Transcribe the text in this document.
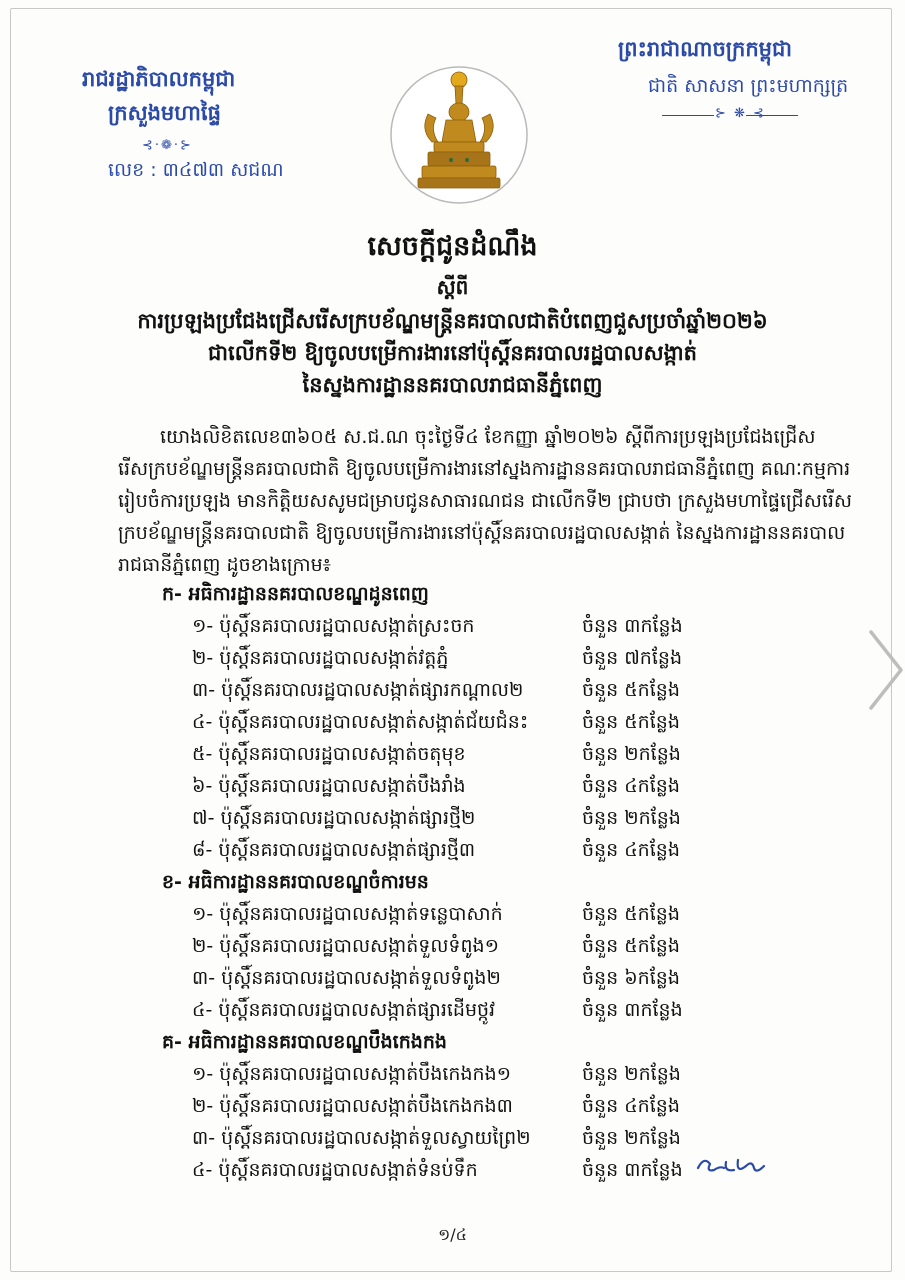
រាជរដ្ឋាភិបាលកម្ពុជា
ក្រសួងមហាផ្ទៃ
⊰·❁·⊱
លេខ : ៣៤៧៣ សជណ
ព្រះរាជាណាចក្រកម្ពុជា
ជាតិ សាសនា ព្រះមហាក្សត្រ
⊱ ❋ ⊰
សេចក្តីជូនដំណឹង
ស្តីពី
ការប្រឡងប្រជែងជ្រើសរើសក្របខ័ណ្ឌមន្ត្រីនគរបាលជាតិបំពេញជួសប្រចាំឆ្នាំ២០២៦
ជាលើកទី២ ឱ្យចូលបម្រើការងារនៅប៉ុស្តិ៍នគរបាលរដ្ឋបាលសង្កាត់
នៃស្នងការដ្ឋាននគរបាលរាជធានីភ្នំពេញ
យោងលិខិតលេខ៣៦០៥ ស.ជ.ណ ចុះថ្ងៃទី៤ ខែកញ្ញា ឆ្នាំ២០២៦ ស្តីពីការប្រឡងប្រជែងជ្រើស
រើសក្របខ័ណ្ឌមន្ត្រីនគរបាលជាតិ ឱ្យចូលបម្រើការងារនៅស្នងការដ្ឋាននគរបាលរាជធានីភ្នំពេញ គណៈកម្មការ
រៀបចំការប្រឡង មានកិត្តិយសសូមជម្រាបជូនសាធារណជន ជាលើកទី២ ជ្រាបថា ក្រសួងមហាផ្ទៃជ្រើសរើស
ក្របខ័ណ្ឌមន្ត្រីនគរបាលជាតិ ឱ្យចូលបម្រើការងារនៅប៉ុស្តិ៍នគរបាលរដ្ឋបាលសង្កាត់ នៃស្នងការដ្ឋាននគរបាល
រាជធានីភ្នំពេញ ដូចខាងក្រោម៖
ក- អធិការដ្ឋាននគរបាលខណ្ឌដូនពេញ
១- ប៉ុស្តិ៍នគរបាលរដ្ឋបាលសង្កាត់ស្រះចក	ចំនួន ៣កន្លែង
២- ប៉ុស្តិ៍នគរបាលរដ្ឋបាលសង្កាត់វត្តភ្នំ	ចំនួន ៧កន្លែង
៣- ប៉ុស្តិ៍នគរបាលរដ្ឋបាលសង្កាត់ផ្សារកណ្តាល២	ចំនួន ៥កន្លែង
៤- ប៉ុស្តិ៍នគរបាលរដ្ឋបាលសង្កាត់សង្កាត់ជ័យជំនះ	ចំនួន ៥កន្លែង
៥- ប៉ុស្តិ៍នគរបាលរដ្ឋបាលសង្កាត់ចតុមុខ	ចំនួន ២កន្លែង
៦- ប៉ុស្តិ៍នគរបាលរដ្ឋបាលសង្កាត់បឹងរាំង	ចំនួន ៤កន្លែង
៧- ប៉ុស្តិ៍នគរបាលរដ្ឋបាលសង្កាត់ផ្សារថ្មី២	ចំនួន ២កន្លែង
៨- ប៉ុស្តិ៍នគរបាលរដ្ឋបាលសង្កាត់ផ្សារថ្មី៣	ចំនួន ៤កន្លែង
ខ- អធិការដ្ឋាននគរបាលខណ្ឌចំការមន
១- ប៉ុស្តិ៍នគរបាលរដ្ឋបាលសង្កាត់ទន្លេបាសាក់	ចំនួន ៥កន្លែង
២- ប៉ុស្តិ៍នគរបាលរដ្ឋបាលសង្កាត់ទួលទំពូង១	ចំនួន ៥កន្លែង
៣- ប៉ុស្តិ៍នគរបាលរដ្ឋបាលសង្កាត់ទួលទំពូង២	ចំនួន ៦កន្លែង
៤- ប៉ុស្តិ៍នគរបាលរដ្ឋបាលសង្កាត់ផ្សារដើមថ្កូវ	ចំនួន ៣កន្លែង
គ- អធិការដ្ឋាននគរបាលខណ្ឌបឹងកេងកង
១- ប៉ុស្តិ៍នគរបាលរដ្ឋបាលសង្កាត់បឹងកេងកង១	ចំនួន ២កន្លែង
២- ប៉ុស្តិ៍នគរបាលរដ្ឋបាលសង្កាត់បឹងកេងកង៣	ចំនួន ៤កន្លែង
៣- ប៉ុស្តិ៍នគរបាលរដ្ឋបាលសង្កាត់ទួលស្វាយព្រៃ២	ចំនួន ២កន្លែង
៤- ប៉ុស្តិ៍នគរបាលរដ្ឋបាលសង្កាត់ទំនប់ទឹក	ចំនួន ៣កន្លែង
១/៤
